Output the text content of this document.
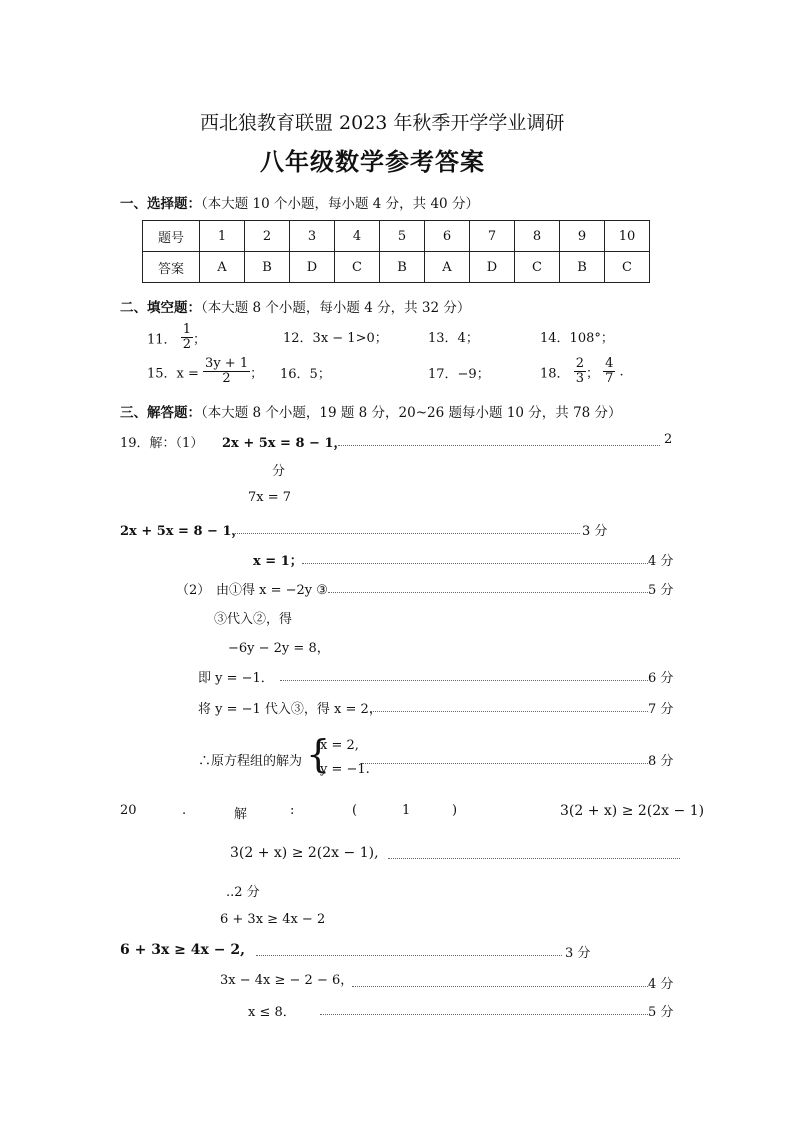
西北狼教育联盟 2023 年秋季开学学业调研
八年级数学参考答案
一、选择题：（本大题 10 个小题，每小题 4 分，共 40 分）
题号	1	2	3	4	5	6	7	8	9	10
答案	A	B	D	C	B	A	D	C	B	C
二、填空题：（本大题 8 个小题，每小题 4 分，共 32 分）
11． $\frac{1}{2}$ ；	12．3x − 1>0；	13．4；	14．108°；
15．$x = \frac{3y + 1}{2}$ ； 16．5；	17．−9；	18． $\frac{2}{3}$ ； $\frac{4}{7}$ .
三、解答题：（本大题 8 个小题，19 题 8 分，20~26 题每小题 10 分，共 78 分）
19．解：（1） 2x + 5x = 8 − 1，	2
分
7x = 7
2x + 5x = 8 − 1，	3 分
x = 1；	4 分
（2） 由①得 x = −2y ③	5 分
③代入②，得
−6y − 2y = 8，
即 y = −1．	6 分
将 y = −1 代入③，得 x = 2，	7 分
∴原方程组的解为 {
x = 2,
y = −1.
8 分
20	.	解	:	(	1	)	3(2 + x) ≥ 2(2x − 1)
3(2 + x) ≥ 2(2x − 1),
..2 分
6 + 3x ≥ 4x − 2
6 + 3x ≥ 4x − 2,	3 分
3x − 4x ≥ − 2 − 6，	4 分
x ≤ 8．	5 分
